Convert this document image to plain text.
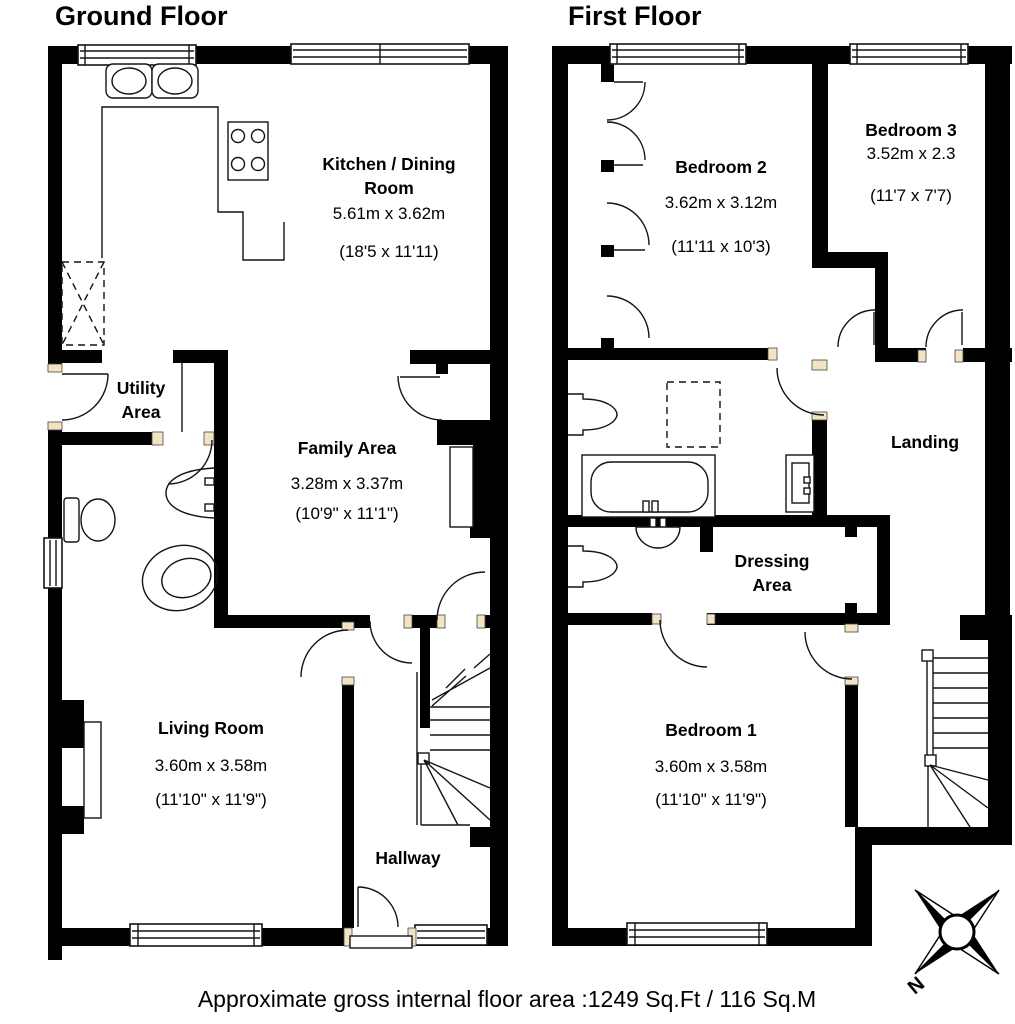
N
Ground Floor	First Floor
Kitchen / Dining
Room
5.61m x 3.62m
(18'5 x 11'11)
Utility
Area
Family Area
3.28m x 3.37m
(10'9" x 11'1")
Living Room
3.60m x 3.58m
(11'10" x 11'9")
Hallway
Bedroom 2
3.62m x 3.12m
(11'11 x 10'3)
Bedroom 3
3.52m x 2.3
(11'7 x 7'7)
Landing
Dressing
Area
Bedroom 1
3.60m x 3.58m
(11'10" x 11'9")
Approximate gross internal floor area :1249 Sq.Ft / 116 Sq.M
